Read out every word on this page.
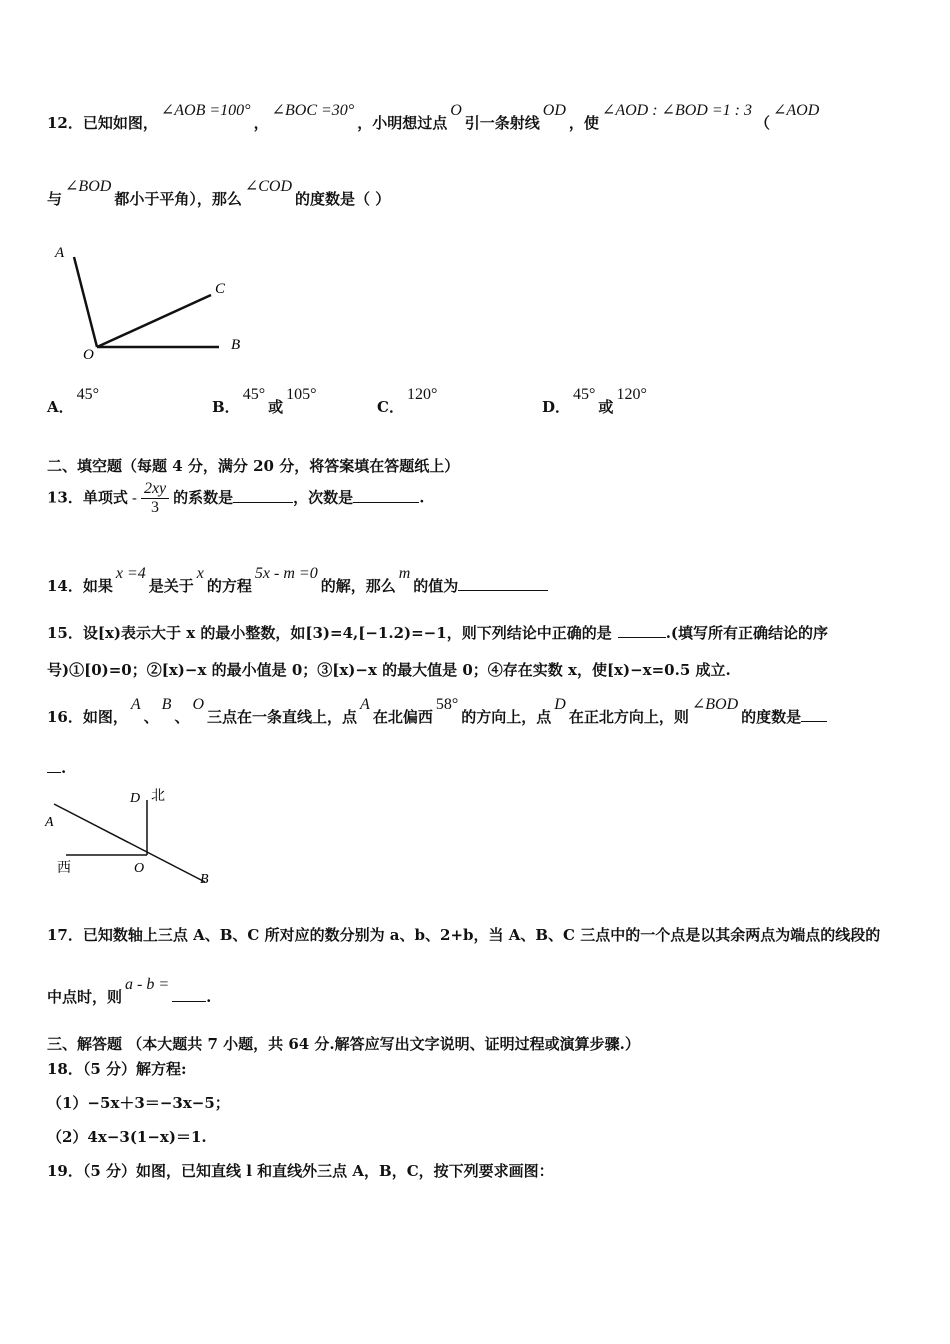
12．已知如图，∠AOB =100°，∠BOC =30°，小明想过点O引一条射线OD，使∠AOD : ∠BOD =1 : 3（∠AOD
与∠BOD都小于平角），那么∠COD的度数是（ ）
A
C
O
B
A．45°
B．45°或105°
C．120°
D．45°或120°
二、填空题（每题 4 分，满分 20 分，将答案填在答题纸上）
13．单项式 - $\frac{2xy}{3}$ 的系数是	，次数是	.
14．如果x =4是关于x的方程5x - m =0的解，那么m的值为
15．设[x)表示大于 x 的最小整数，如[3)=4,[−1.2)=−1，则下列结论中正确的是	.(填写所有正确结论的序
号)①[0)=0；②[x)−x 的最小值是 0；③[x)−x 的最大值是 0；④存在实数 x，使[x)−x=0.5 成立.
16．如图，A、B、O三点在一条直线上，点A在北偏西58°的方向上，点D在正北方向上，则∠BOD的度数是
.
D 北
A
西	O
B
17．已知数轴上三点 A、B、C 所对应的数分别为 a、b、2+b，当 A、B、C 三点中的一个点是以其余两点为端点的线段的
中点时，则a - b =.
三、解答题 （本大题共 7 小题，共 64 分.解答应写出文字说明、证明过程或演算步骤.）
18．（5 分）解方程:
（1）−5x＋3＝−3x−5；
（2）4x−3(1−x)＝1.
19．（5 分）如图，已知直线 l 和直线外三点 A，B，C，按下列要求画图：
